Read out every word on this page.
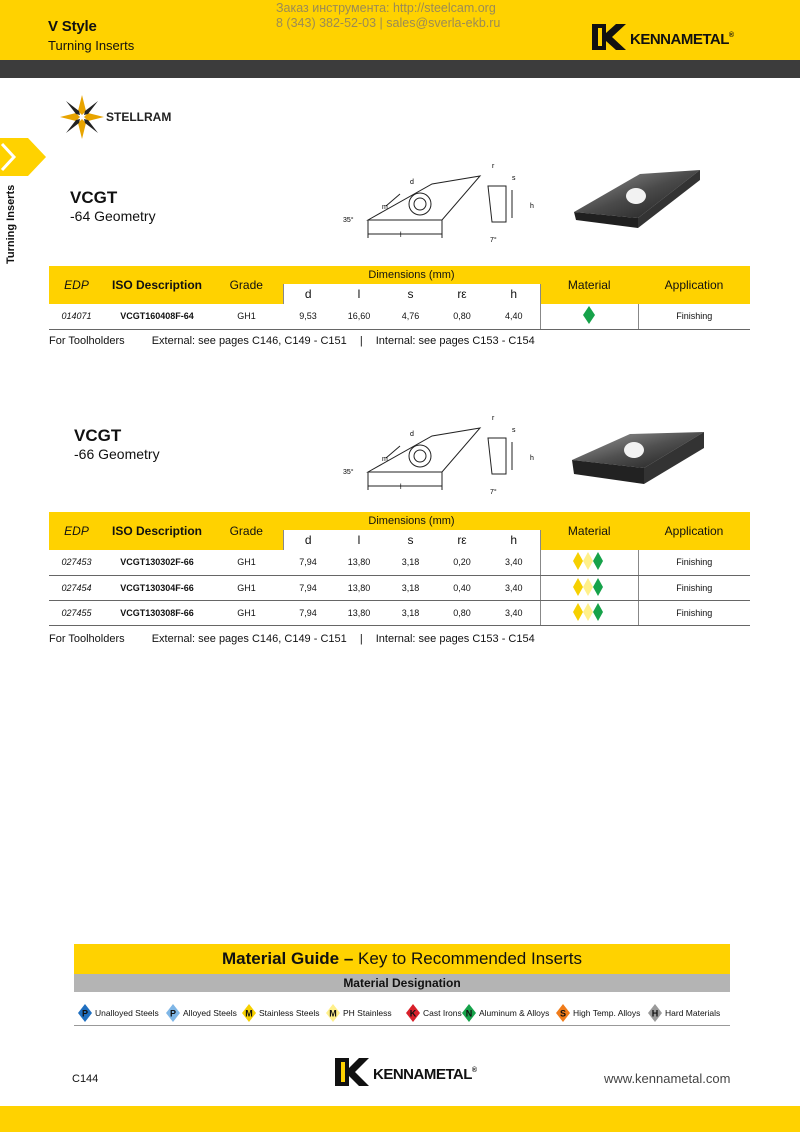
V Style
Turning Inserts
Заказ инструмента: http://steelcam.org
8 (343) 382-52-03 | sales@sverla-ekb.ru
KENNAMETAL®
STELLRAM
Turning Inserts	VCGT
-64 Geometry	35°
l
m
d
r
s
h
7°
EDP	ISO Description	Grade	Dimensions (mm)					Material	Application
			d	l	s	rε	h		
014071	VCGT160408F-64	GH1	9,53	16,60	4,76	0,80	4,40		Finishing
For Toolholders External: see pages C146, C149 - C151 | Internal: see pages C153 - C154
VCGT
-66 Geometry
35°
l
m
d
r
s
h
7°
EDP	ISO Description	Grade	Dimensions (mm)					Material	Application
			d	l	s	rε	h		
027453	VCGT130302F-66	GH1	7,94	13,80	3,18	0,20	3,40		Finishing
027454	VCGT130304F-66	GH1	7,94	13,80	3,18	0,40	3,40		Finishing
027455	VCGT130308F-66	GH1	7,94	13,80	3,18	0,80	3,40		Finishing
For Toolholders External: see pages C146, C149 - C151 | Internal: see pages C153 - C154
Material Guide – Key to Recommended Inserts
Material Designation
P Unalloyed Steels P Alloyed Steels M Stainless Steels M PH Stainless K Cast Irons N Aluminum & Alloys S High Temp. Alloys H Hard Materials
C144	KENNAMETAL®
www.kennametal.com
